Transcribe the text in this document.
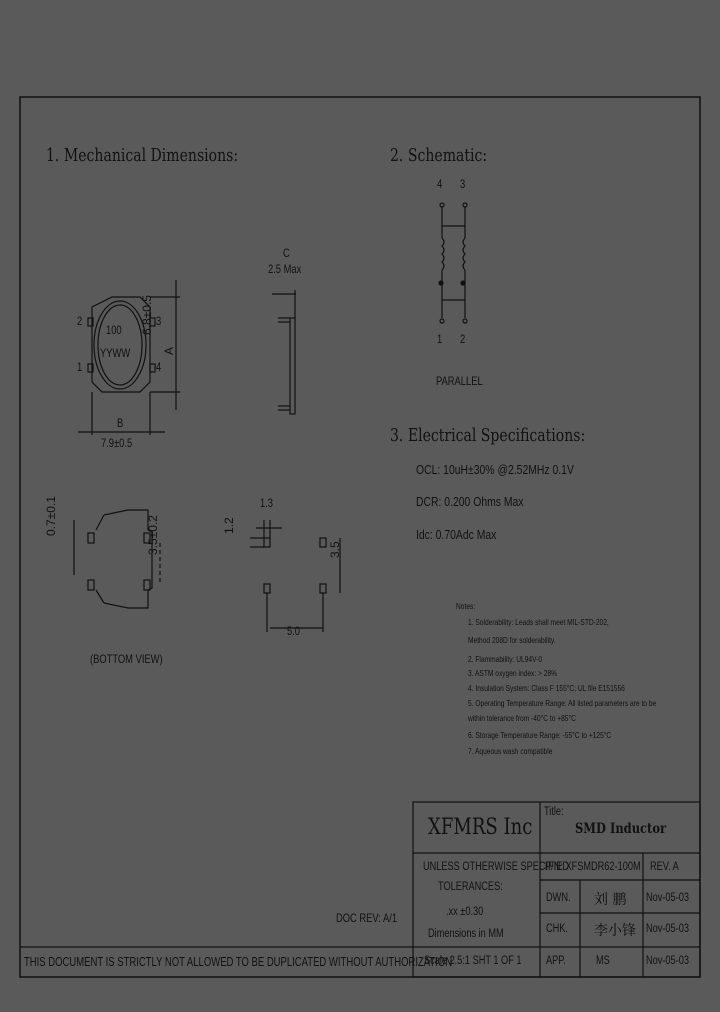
1. Mechanical Dimensions:	2. Schematic:
3. Electrical Specifications:
C
2.5 Max
100
YYWW
2	3
1	4
A
6.8±0.5
B
7.9±0.5
0.7±0.1	3.5±0.2
(BOTTOM VIEW)
1.3
1.2
3.5
5.0
4 3
1 2
PARALLEL
OCL: 10uH±30% @2.52MHz 0.1V
DCR: 0.200 Ohms Max
Idc: 0.70Adc Max
Notes:
1. Solderability: Leads shall meet MIL-STD-202,
Method 208D for solderability.
2. Flammability: UL94V-0
3. ASTM oxygen index: > 28%
4. Insulation System: Class F 155°C; UL file E151556
5. Operating Temperature Range: All listed parameters are to be
within tolerance from -40°C to +85°C
6. Storage Temperature Range: -55°C to +125°C
7. Aqueous wash compatible
DOC REV: A/1
THIS DOCUMENT IS STRICTLY NOT ALLOWED TO BE DUPLICATED WITHOUT AUTHORIZATION
XFMRS Inc
Title:
SMD Inductor
UNLESS OTHERWISE SPECIFIED
P/N: XFSMDR62-100M REV. A
TOLERANCES:
.xx ±0.30
Dimensions in MM
Scale 2.5:1 SHT 1 OF 1
DWN. 刘 鹏 Nov-05-03
CHK. 李小锋 Nov-05-03
APP.	MS	Nov-05-03
